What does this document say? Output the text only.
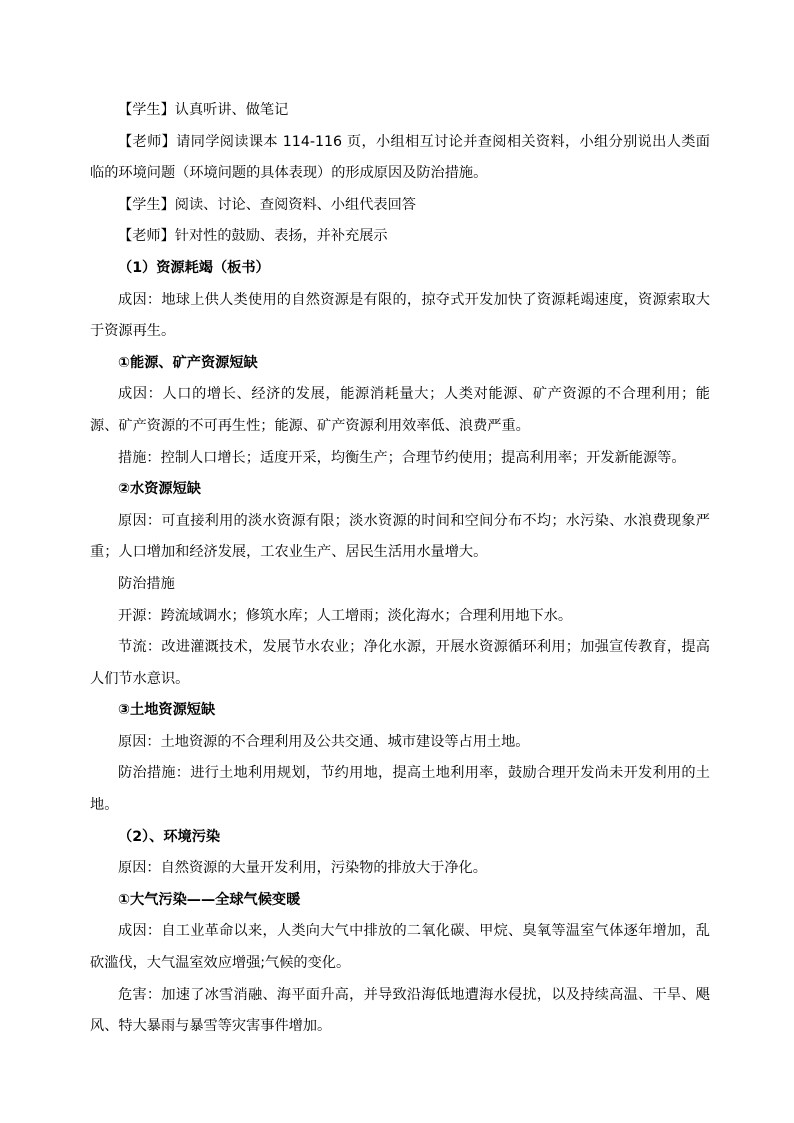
【学生】认真听讲、做笔记

【老师】请同学阅读课本 114-116 页，小组相互讨论并查阅相关资料，小组分别说出人类面临的环境问题（环境问题的具体表现）的形成原因及防治措施。

【学生】阅读、讨论、查阅资料、小组代表回答

【老师】针对性的鼓励、表扬，并补充展示

（1）资源耗竭（板书）

成因：地球上供人类使用的自然资源是有限的，掠夺式开发加快了资源耗竭速度，资源索取大于资源再生。

①能源、矿产资源短缺

成因：人口的增长、经济的发展，能源消耗量大；人类对能源、矿产资源的不合理利用；能源、矿产资源的不可再生性；能源、矿产资源利用效率低、浪费严重。

措施：控制人口增长；适度开采，均衡生产；合理节约使用；提高利用率；开发新能源等。

②水资源短缺

原因：可直接利用的淡水资源有限；淡水资源的时间和空间分布不均；水污染、水浪费现象严重；人口增加和经济发展，工农业生产、居民生活用水量增大。

防治措施

开源：跨流域调水；修筑水库；人工增雨；淡化海水；合理利用地下水。

节流：改进灌溉技术，发展节水农业；净化水源，开展水资源循环利用；加强宣传教育，提高人们节水意识。

③土地资源短缺

原因：土地资源的不合理利用及公共交通、城市建设等占用土地。

防治措施：进行土地利用规划，节约用地，提高土地利用率，鼓励合理开发尚未开发利用的土地。

（2）、环境污染

原因：自然资源的大量开发利用，污染物的排放大于净化。

①大气污染——全球气候变暖

成因：自工业革命以来，人类向大气中排放的二氧化碳、甲烷、臭氧等温室气体逐年增加，乱砍滥伐，大气温室效应增强;气候的变化。

危害：加速了冰雪消融、海平面升高，并导致沿海低地遭海水侵扰，以及持续高温、干旱、飓风、特大暴雨与暴雪等灾害事件增加。
